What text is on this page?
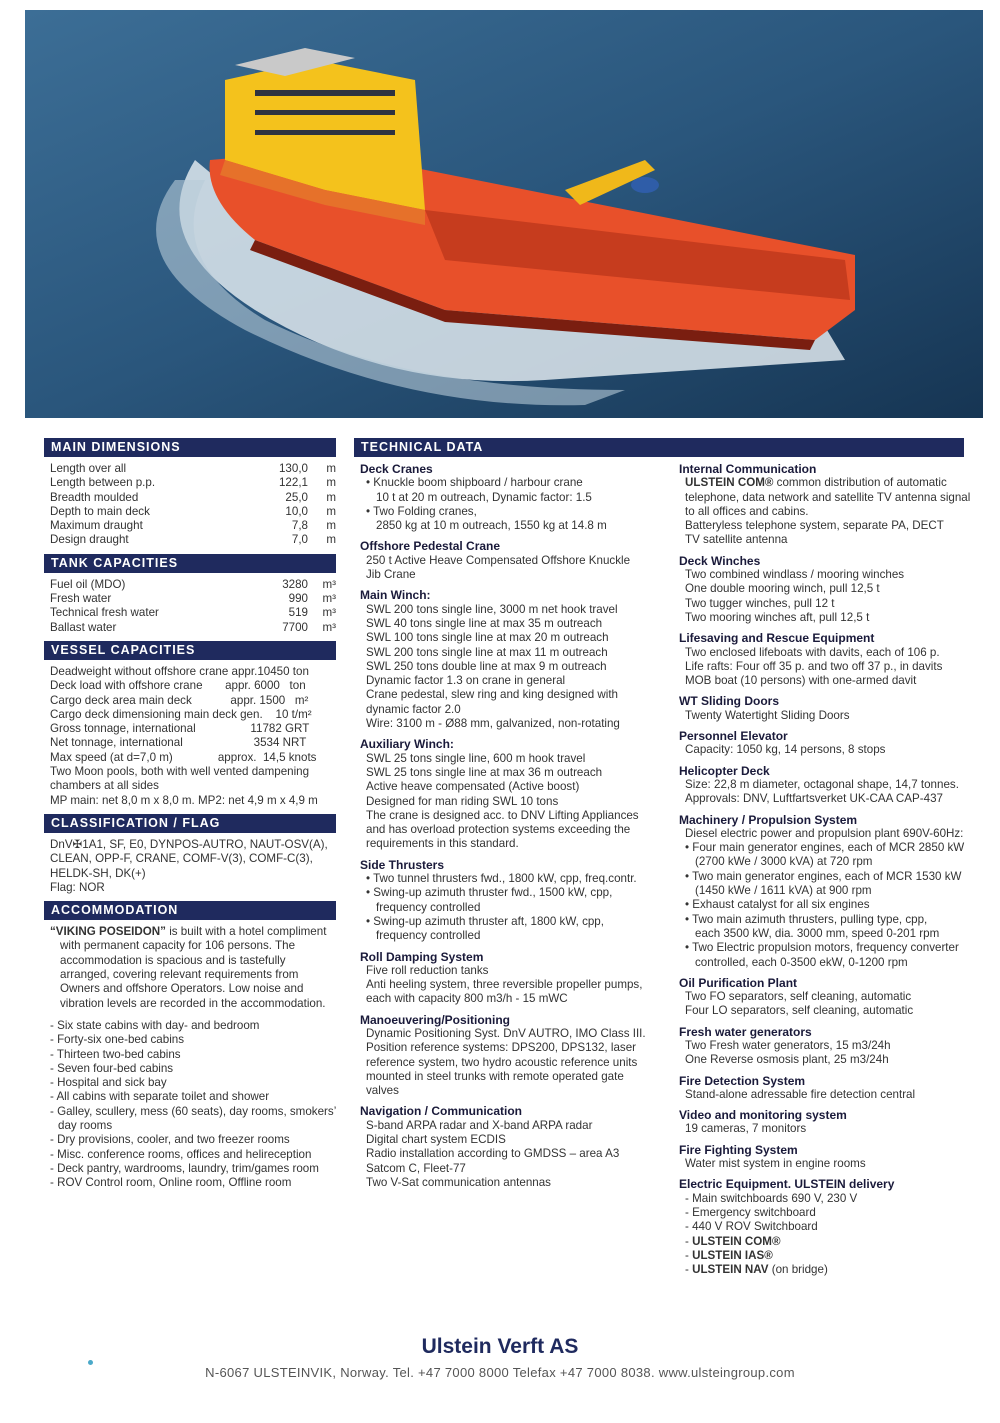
MAIN DIMENSIONS
Length over all	130,0	m
Length between p.p.	122,1	m
Breadth moulded	25,0	m
Depth to main deck	10,0	m
Maximum draught	7,8	m
Design draught	7,0	m
TANK CAPACITIES
Fuel oil (MDO)	3280	m³
Fresh water	990	m³
Technical fresh water	519	m³
Ballast water	7700	m³
VESSEL CAPACITIES
Deadweight without offshore crane appr.10450 ton
Deck load with offshore crane       appr. 6000   ton
Cargo deck area main deck            appr. 1500   m²
Cargo deck dimensioning main deck gen.    10 t/m²
Gross tonnage, international                 11782 GRT
Net tonnage, international                      3534 NRT
Max speed (at d=7,0 m)              approx.  14,5 knots
Two Moon pools, both with well vented dampening
chambers at all sides
MP main: net 8,0 m x 8,0 m. MP2: net 4,9 m x 4,9 m
CLASSIFICATION / FLAG
DnV✠1A1, SF, E0, DYNPOS-AUTRO, NAUT-OSV(A),
CLEAN, OPP-F, CRANE, COMF-V(3), COMF-C(3),
HELDK-SH, DK(+)
Flag: NOR
ACCOMMODATION
“VIKING POSEIDON” is built with a hotel compliment with permanent capacity for 106 persons. The accommodation is spacious and is tastefully arranged, covering relevant requirements from Owners and offshore Operators. Low noise and vibration levels are recorded in the accommodation.
- Six state cabins with day- and bedroom
- Forty-six one-bed cabins
- Thirteen two-bed cabins
- Seven four-bed cabins
- Hospital and sick bay
- All cabins with separate toilet and shower
- Galley, scullery, mess (60 seats), day rooms, smokers’ day rooms
- Dry provisions, cooler, and two freezer rooms
- Misc. conference rooms, offices and helireception
- Deck pantry, wardrooms, laundry, trim/games room
- ROV Control room, Online room, Offline room
TECHNICAL DATA
Deck Cranes
• Knuckle boom shipboard / harbour crane
10 t at 20 m outreach, Dynamic factor: 1.5
• Two Folding cranes,
2850 kg at 10 m outreach, 1550 kg at 14.8 m
Offshore Pedestal Crane
250 t Active Heave Compensated Offshore Knuckle
Jib Crane
Main Winch:
SWL 200 tons single line, 3000 m net hook travel
SWL 40 tons single line at max 35 m outreach
SWL 100 tons single line at max 20 m outreach
SWL 200 tons single line at max 11 m outreach
SWL 250 tons double line at max 9 m outreach
Dynamic factor 1.3 on crane in general
Crane pedestal, slew ring and king designed with
dynamic factor 2.0
Wire: 3100 m - Ø88 mm, galvanized, non-rotating
Auxiliary Winch:
SWL 25 tons single line, 600 m hook travel
SWL 25 tons single line at max 36 m outreach
Active heave compensated (Active boost)
Designed for man riding SWL 10 tons
The crane is designed acc. to DNV Lifting Appliances
and has overload protection systems exceeding the
requirements in this standard.
Side Thrusters
• Two tunnel thrusters fwd., 1800 kW, cpp, freq.contr.
• Swing-up azimuth thruster fwd., 1500 kW, cpp,
frequency controlled
• Swing-up azimuth thruster aft, 1800 kW, cpp,
frequency controlled
Roll Damping System
Five roll reduction tanks
Anti heeling system, three reversible propeller pumps,
each with capacity 800 m3/h - 15 mWC
Manoeuvering/Positioning
Dynamic Positioning Syst. DnV AUTRO, IMO Class III.
Position reference systems: DPS200, DPS132, laser
reference system, two hydro acoustic reference units
mounted in steel trunks with remote operated gate
valves
Navigation / Communication
S-band ARPA radar and X-band ARPA radar
Digital chart system ECDIS
Radio installation according to GMDSS – area A3
Satcom C, Fleet-77
Two V-Sat communication antennas
Internal Communication
ULSTEIN COM® common distribution of automatic
telephone, data network and satellite TV antenna signal
to all offices and cabins.
Batteryless telephone system, separate PA, DECT
TV satellite antenna
Deck Winches
Two combined windlass / mooring winches
One double mooring winch, pull 12,5 t
Two tugger winches, pull 12 t
Two mooring winches aft, pull 12,5 t
Lifesaving and Rescue Equipment
Two enclosed lifeboats with davits, each of 106 p.
Life rafts: Four off 35 p. and two off 37 p., in davits
MOB boat (10 persons) with one-armed davit
WT Sliding Doors
Twenty Watertight Sliding Doors
Personnel Elevator
Capacity: 1050 kg, 14 persons, 8 stops
Helicopter Deck
Size: 22,8 m diameter, octagonal shape, 14,7 tonnes.
Approvals: DNV, Luftfartsverket UK-CAA CAP-437
Machinery / Propulsion System
Diesel electric power and propulsion plant 690V-60Hz:
• Four main generator engines, each of MCR 2850 kW
(2700 kWe / 3000 kVA) at 720 rpm
• Two main generator engines, each of MCR 1530 kW
(1450 kWe / 1611 kVA) at 900 rpm
• Exhaust catalyst for all six engines
• Two main azimuth thrusters, pulling type, cpp,
each 3500 kW, dia. 3000 mm, speed 0-201 rpm
• Two Electric propulsion motors, frequency converter
controlled, each 0-3500 ekW, 0-1200 rpm
Oil Purification Plant
Two FO separators, self cleaning, automatic
Four LO separators, self cleaning, automatic
Fresh water generators
Two Fresh water generators, 15 m3/24h
One Reverse osmosis plant, 25 m3/24h
Fire Detection System
Stand-alone adressable fire detection central
Video and monitoring system
19 cameras, 7 monitors
Fire Fighting System
Water mist system in engine rooms
Electric Equipment. ULSTEIN delivery
- Main switchboards 690 V, 230 V
- Emergency switchboard
- 440 V ROV Switchboard
- ULSTEIN COM®
- ULSTEIN IAS®
- ULSTEIN NAV (on bridge)
Ulstein Verft AS
N-6067 ULSTEINVIK, Norway. Tel. +47 7000 8000 Telefax +47 7000 8038. www.ulsteingroup.com
